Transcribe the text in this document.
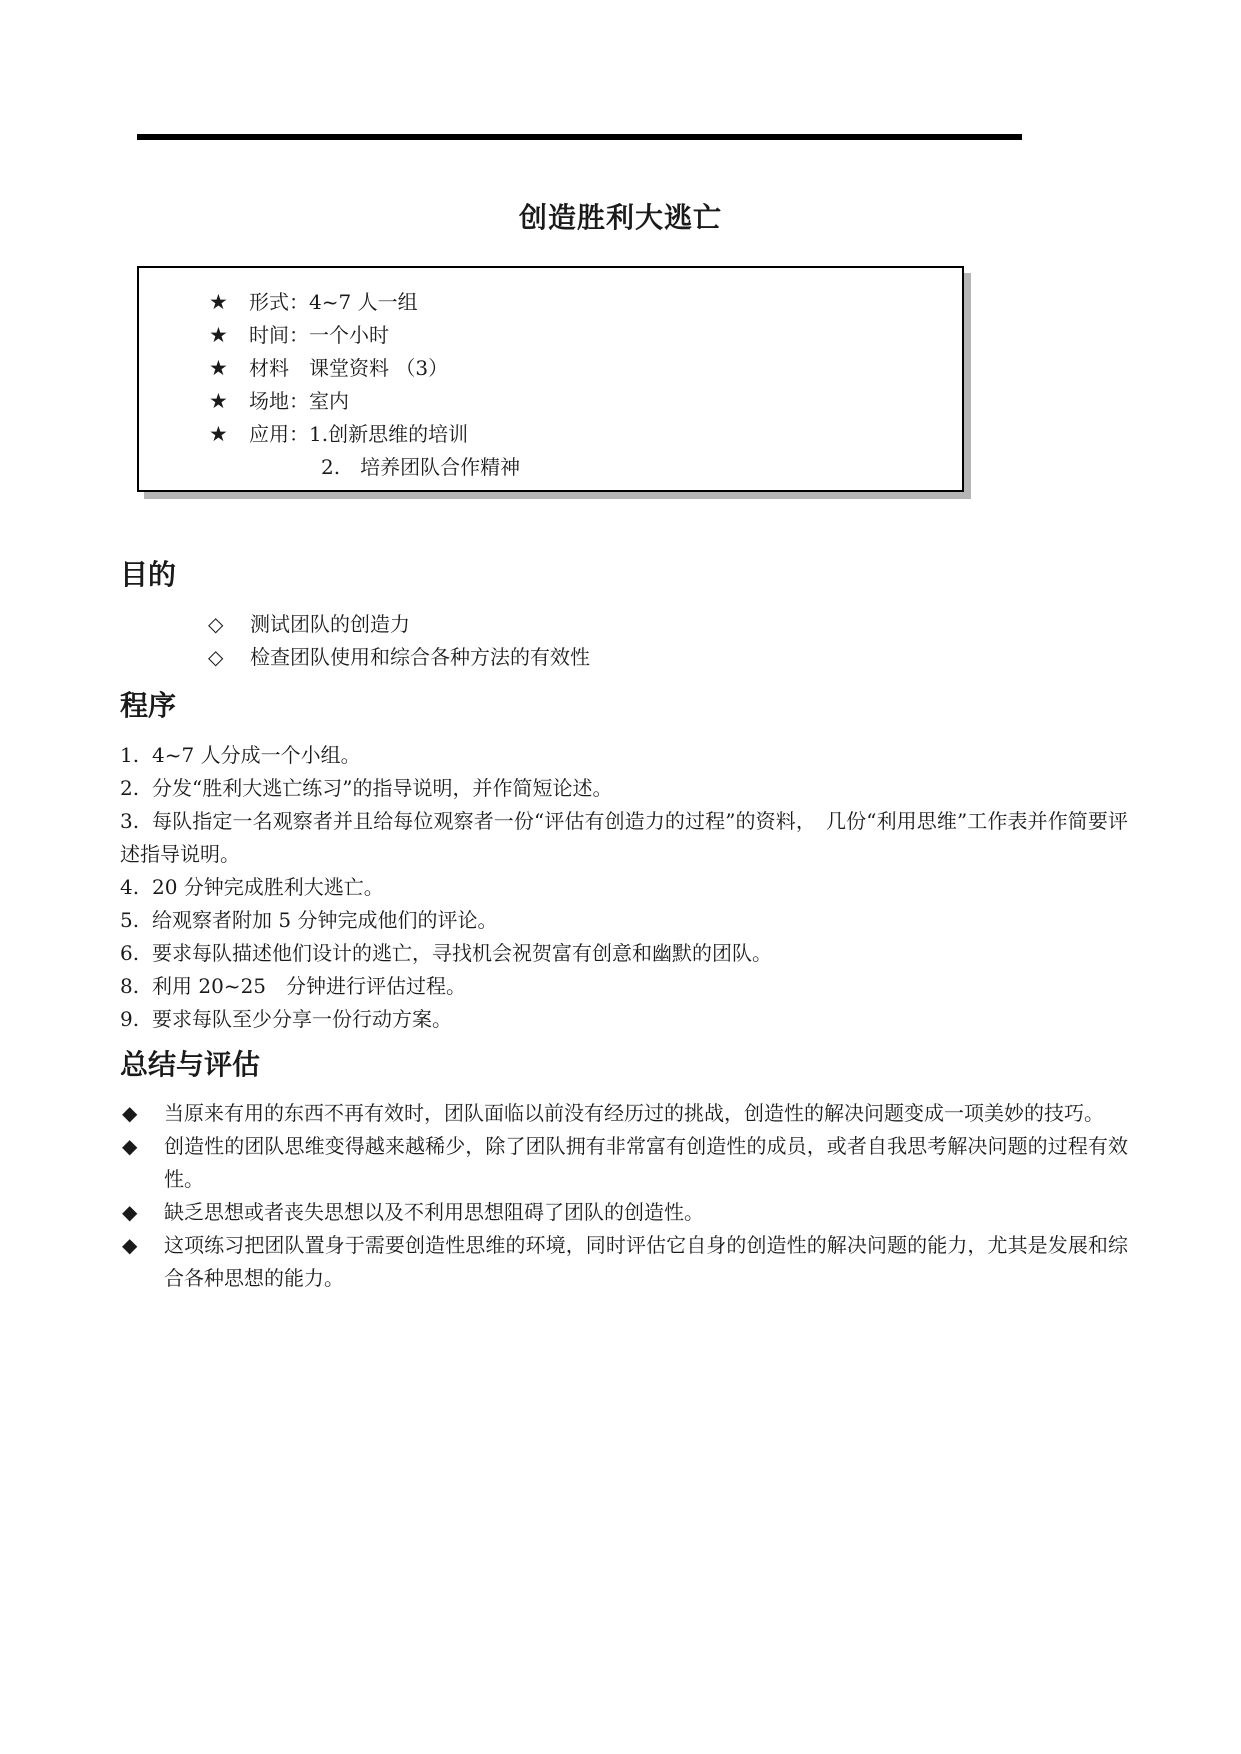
创造胜利大逃亡
★	形式：4~7 人一组
★	时间：一个小时
★	材料　课堂资料 （3）
★	场地：室内
★	应用：1.创新思维的培训
2.　培养团队合作精神
目的
◇	测试团队的创造力
◇	检查团队使用和综合各种方法的有效性
程序
1. 4~7 人分成一个小组。
2. 分发“胜利大逃亡练习”的指导说明，并作简短论述。
3. 每队指定一名观察者并且给每位观察者一份“评估有创造力的过程”的资料，　几份“利用思维”工作表并作简要评述指导说明。
4. 20 分钟完成胜利大逃亡。
5. 给观察者附加 5 分钟完成他们的评论。
6. 要求每队描述他们设计的逃亡，寻找机会祝贺富有创意和幽默的团队。
8. 利用 20~25　分钟进行评估过程。
9. 要求每队至少分享一份行动方案。
总结与评估
◆ 当原来有用的东西不再有效时，团队面临以前没有经历过的挑战，创造性的解决问题变成一项美妙的技巧。
◆ 创造性的团队思维变得越来越稀少，除了团队拥有非常富有创造性的成员，或者自我思考解决问题的过程有效性。
◆ 缺乏思想或者丧失思想以及不利用思想阻碍了团队的创造性。
◆ 这项练习把团队置身于需要创造性思维的环境，同时评估它自身的创造性的解决问题的能力，尤其是发展和综合各种思想的能力。
